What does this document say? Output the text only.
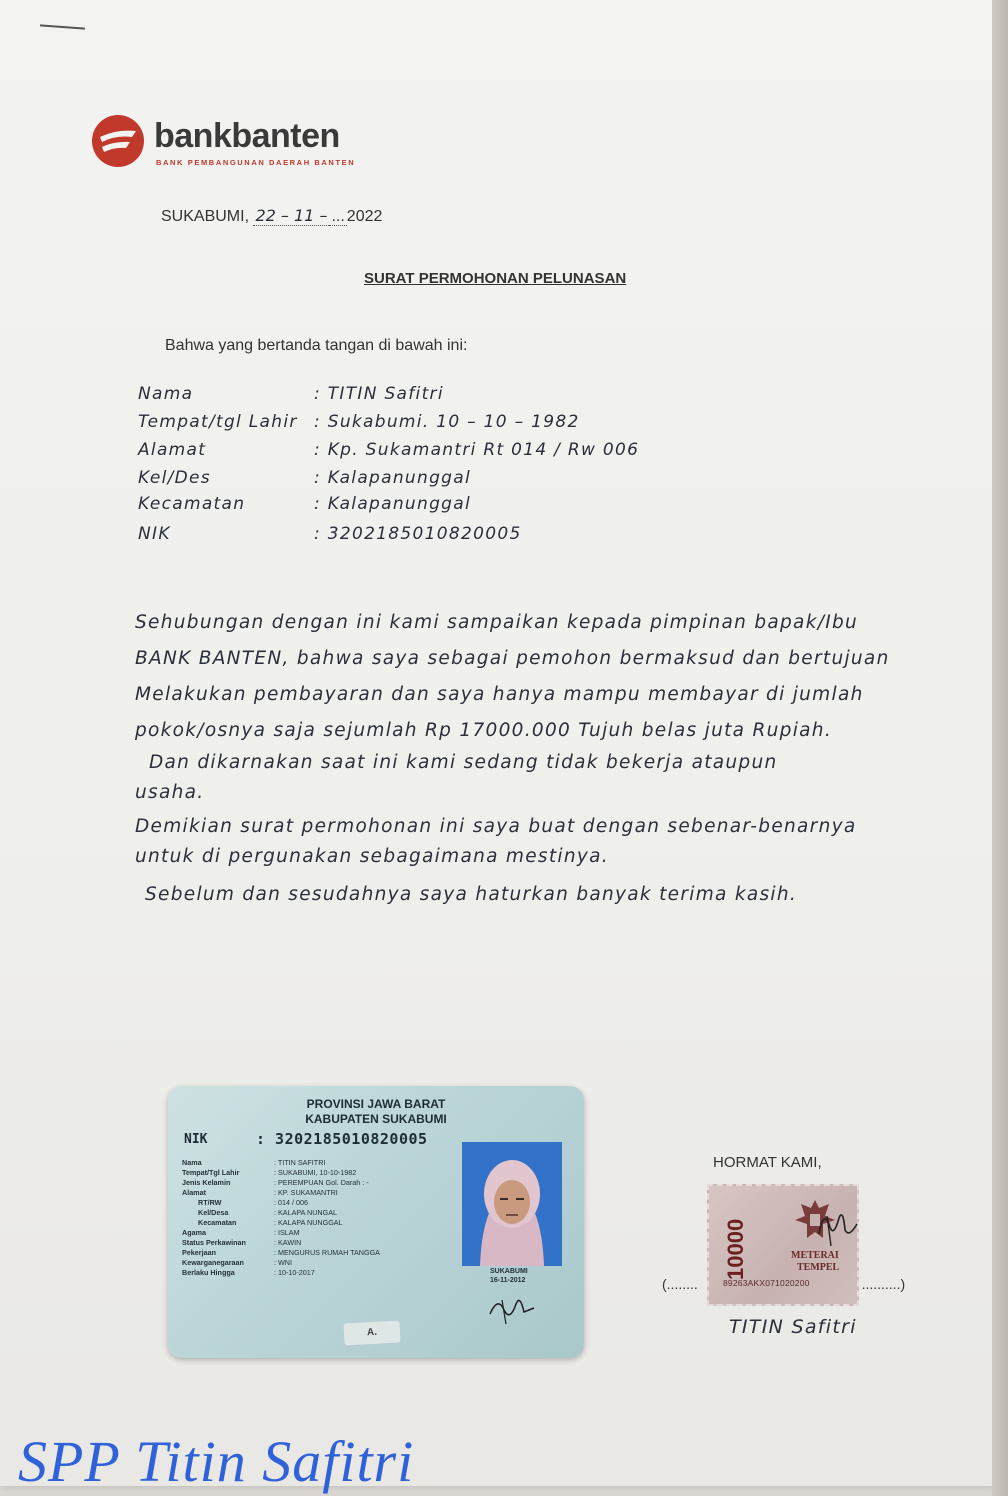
bankbanten
BANK PEMBANGUNAN DAERAH BANTEN
SUKABUMI, 22 – 11 – ... 2022
SURAT PERMOHONAN PELUNASAN
Bahwa yang bertanda tangan di bawah ini:
Nama	: TITIN Safitri
Tempat/tgl Lahir : Sukabumi. 10 – 10 – 1982
Alamat	: Kp. Sukamantri Rt 014 / Rw 006
Kel/Des	: Kalapanunggal
Kecamatan	: Kalapanunggal
NIK	: 3202185010820005
Sehubungan dengan ini kami sampaikan kepada pimpinan bapak/Ibu
BANK BANTEN, bahwa saya sebagai pemohon bermaksud dan bertujuan
Melakukan pembayaran dan saya hanya mampu membayar di jumlah
pokok/osnya saja sejumlah Rp 17000.000 Tujuh belas juta Rupiah.
Dan dikarnakan saat ini kami sedang tidak bekerja ataupun
usaha.
Demikian surat permohonan ini saya buat dengan sebenar-benarnya
untuk di pergunakan sebagaimana mestinya.
Sebelum dan sesudahnya saya haturkan banyak terima kasih.
PROVINSI JAWA BARAT
KABUPATEN SUKABUMI
NIK	: 3202185010820005
Nama	: TITIN SAFITRI
Tempat/Tgl Lahir	: SUKABUMI, 10-10-1982
Jenis Kelamin	: PEREMPUAN Gol. Darah : -
Alamat	: KP. SUKAMANTRI
RT/RW	: 014 / 006
Kel/Desa	: KALAPA NUNGAL
Kecamatan	: KALAPA NUNGGAL
Agama	: ISLAM
Status Perkawinan	: KAWIN
Pekerjaan	: MENGURUS RUMAH TANGGA
Kewarganegaraan	: WNI
Berlaku Hingga	: 10-10-2017	SUKABUMI
16-11-2012
A.
HORMAT KAMI,
10000	METERAI
TEMPEL
89263AKX071020200
(........	..........)
TITIN Safitri
SPP Titin Safitri
